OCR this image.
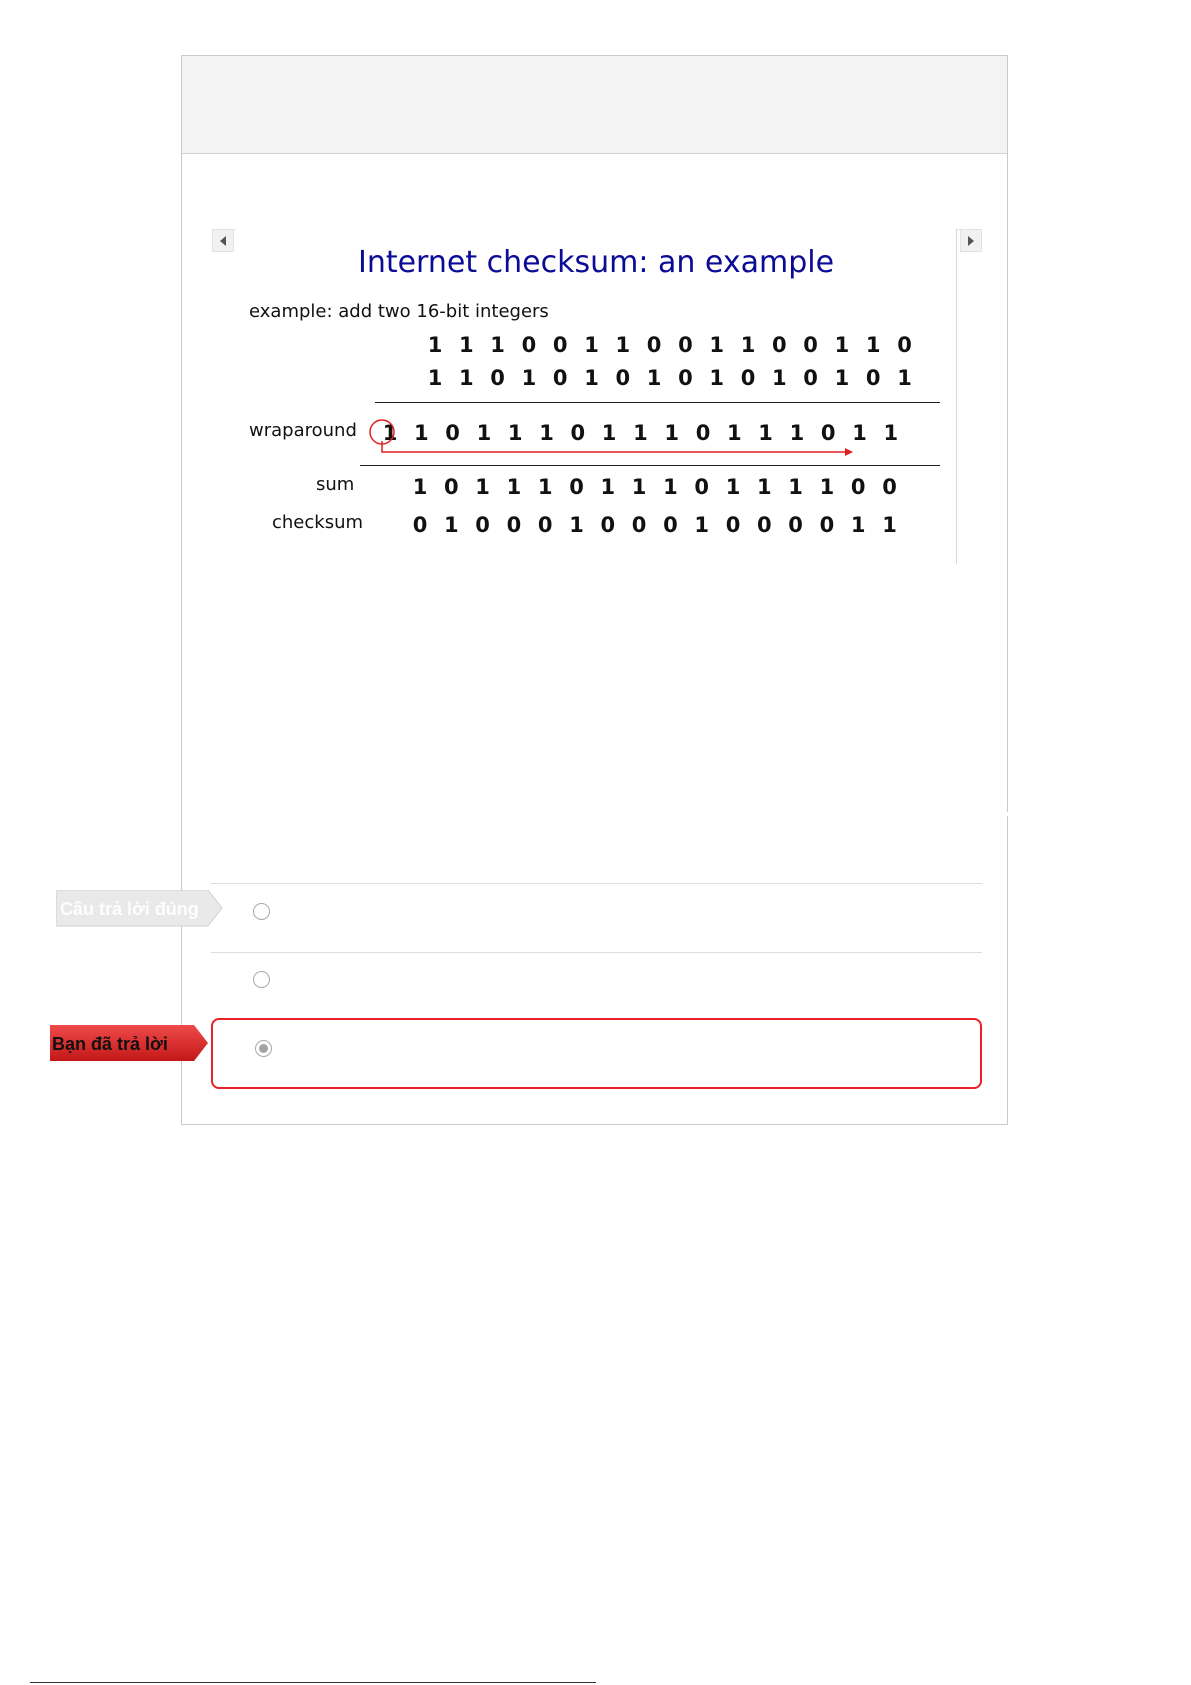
Internet checksum: an example
example: add two 16-bit integers
1 1 1 0 0 1 1 0 0 1 1 0 0 1 1 0
1 1 0 1 0 1 0 1 0 1 0 1 0 1 0 1
wraparound	1 1 0 1 1 1 0 1 1 1 0 1 1 1 0 1 1
sum	1 0 1 1 1 0 1 1 1 0 1 1 1 1 0 0
checksum	0 1 0 0 0 1 0 0 0 1 0 0 0 0 1 1
Câu trả lời đúng
Bạn đã trả lời
